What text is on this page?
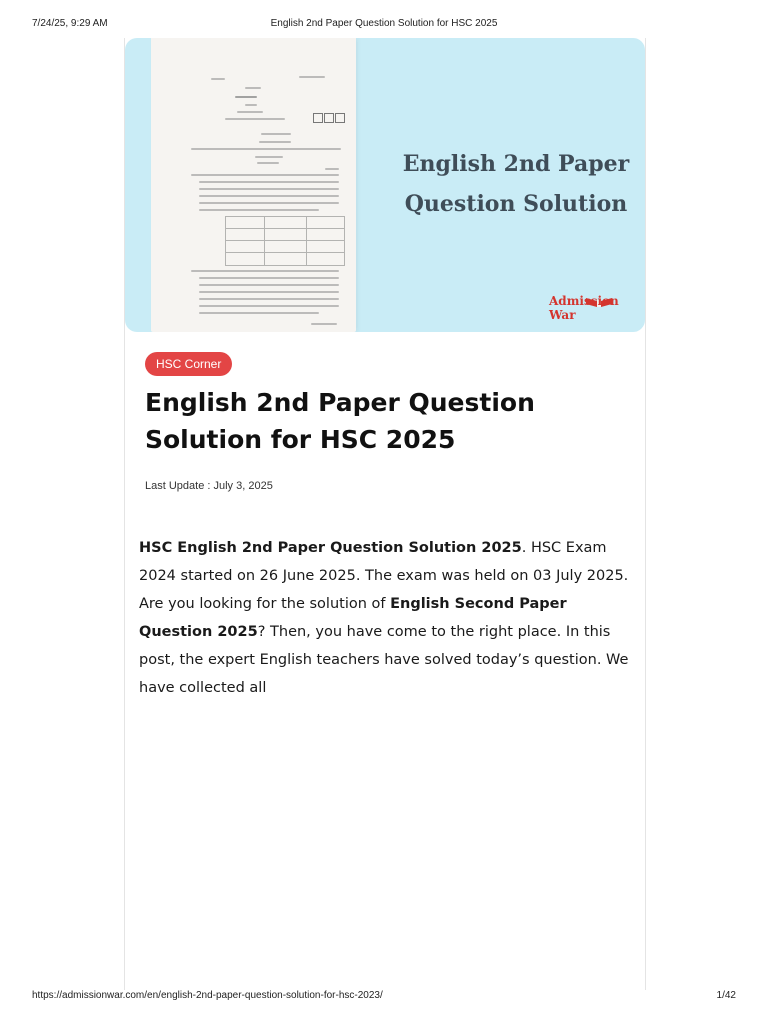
7/24/25, 9:29 AM	English 2nd Paper Question Solution for HSC 2025
English 2nd Paper Question Solution
Admission War
HSC Corner
English 2nd Paper Question Solution for HSC 2025
Last Update : July 3, 2025

HSC English 2nd Paper Question Solution 2025. HSC Exam 2024 started on 26 June 2025. The exam was held on 03 July 2025. Are you looking for the solution of English Second Paper Question 2025? Then, you have come to the right place. In this post, the expert English teachers have solved today’s question. We have collected all

https://admissionwar.com/en/english-2nd-paper-question-solution-for-hsc-2023/	1/42
